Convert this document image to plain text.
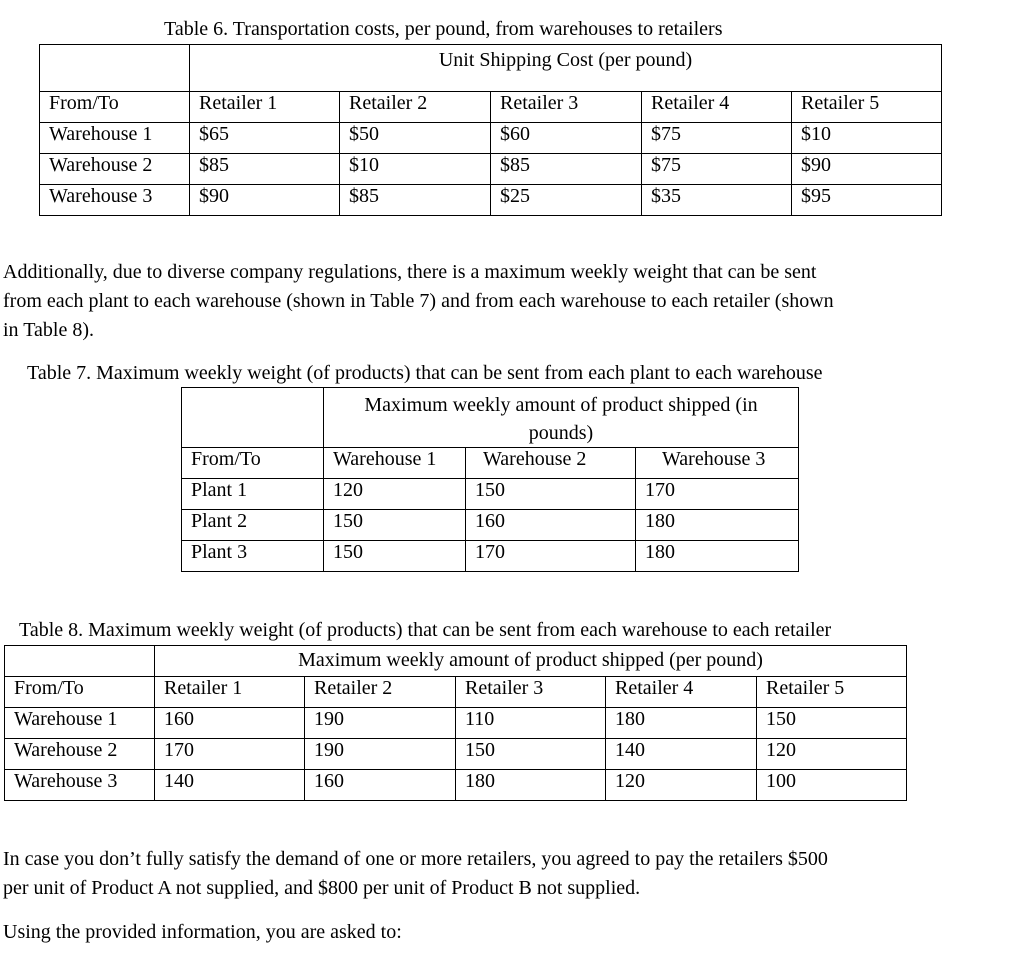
Table 6. Transportation costs, per pound, from warehouses to retailers
	Unit Shipping Cost (per pound)				
From/To	Retailer 1	Retailer 2	Retailer 3	Retailer 4	Retailer 5
Warehouse 1	$65	$50	$60	$75	$10
Warehouse 2	$85	$10	$85	$75	$90
Warehouse 3	$90	$85	$25	$35	$95
Additionally, due to diverse company regulations, there is a maximum weekly weight that can be sent
from each plant to each warehouse (shown in Table 7) and from each warehouse to each retailer (shown
in Table 8).
Table 7. Maximum weekly weight (of products) that can be sent from each plant to each warehouse

	Maximum weekly amount of product shipped (in
pounds)		

From/To	Warehouse 1	Warehouse 2	Warehouse 3
Plant 1	120	150	170
Plant 2	150	160	180
Plant 3	150	170	180
Table 8. Maximum weekly weight (of products) that can be sent from each warehouse to each retailer
	Maximum weekly amount of product shipped (per pound)				
From/To	Retailer 1	Retailer 2	Retailer 3	Retailer 4	Retailer 5
Warehouse 1	160	190	110	180	150
Warehouse 2	170	190	150	140	120
Warehouse 3	140	160	180	120	100
In case you don’t fully satisfy the demand of one or more retailers, you agreed to pay the retailers $500
per unit of Product A not supplied, and $800 per unit of Product B not supplied.
Using the provided information, you are asked to:
